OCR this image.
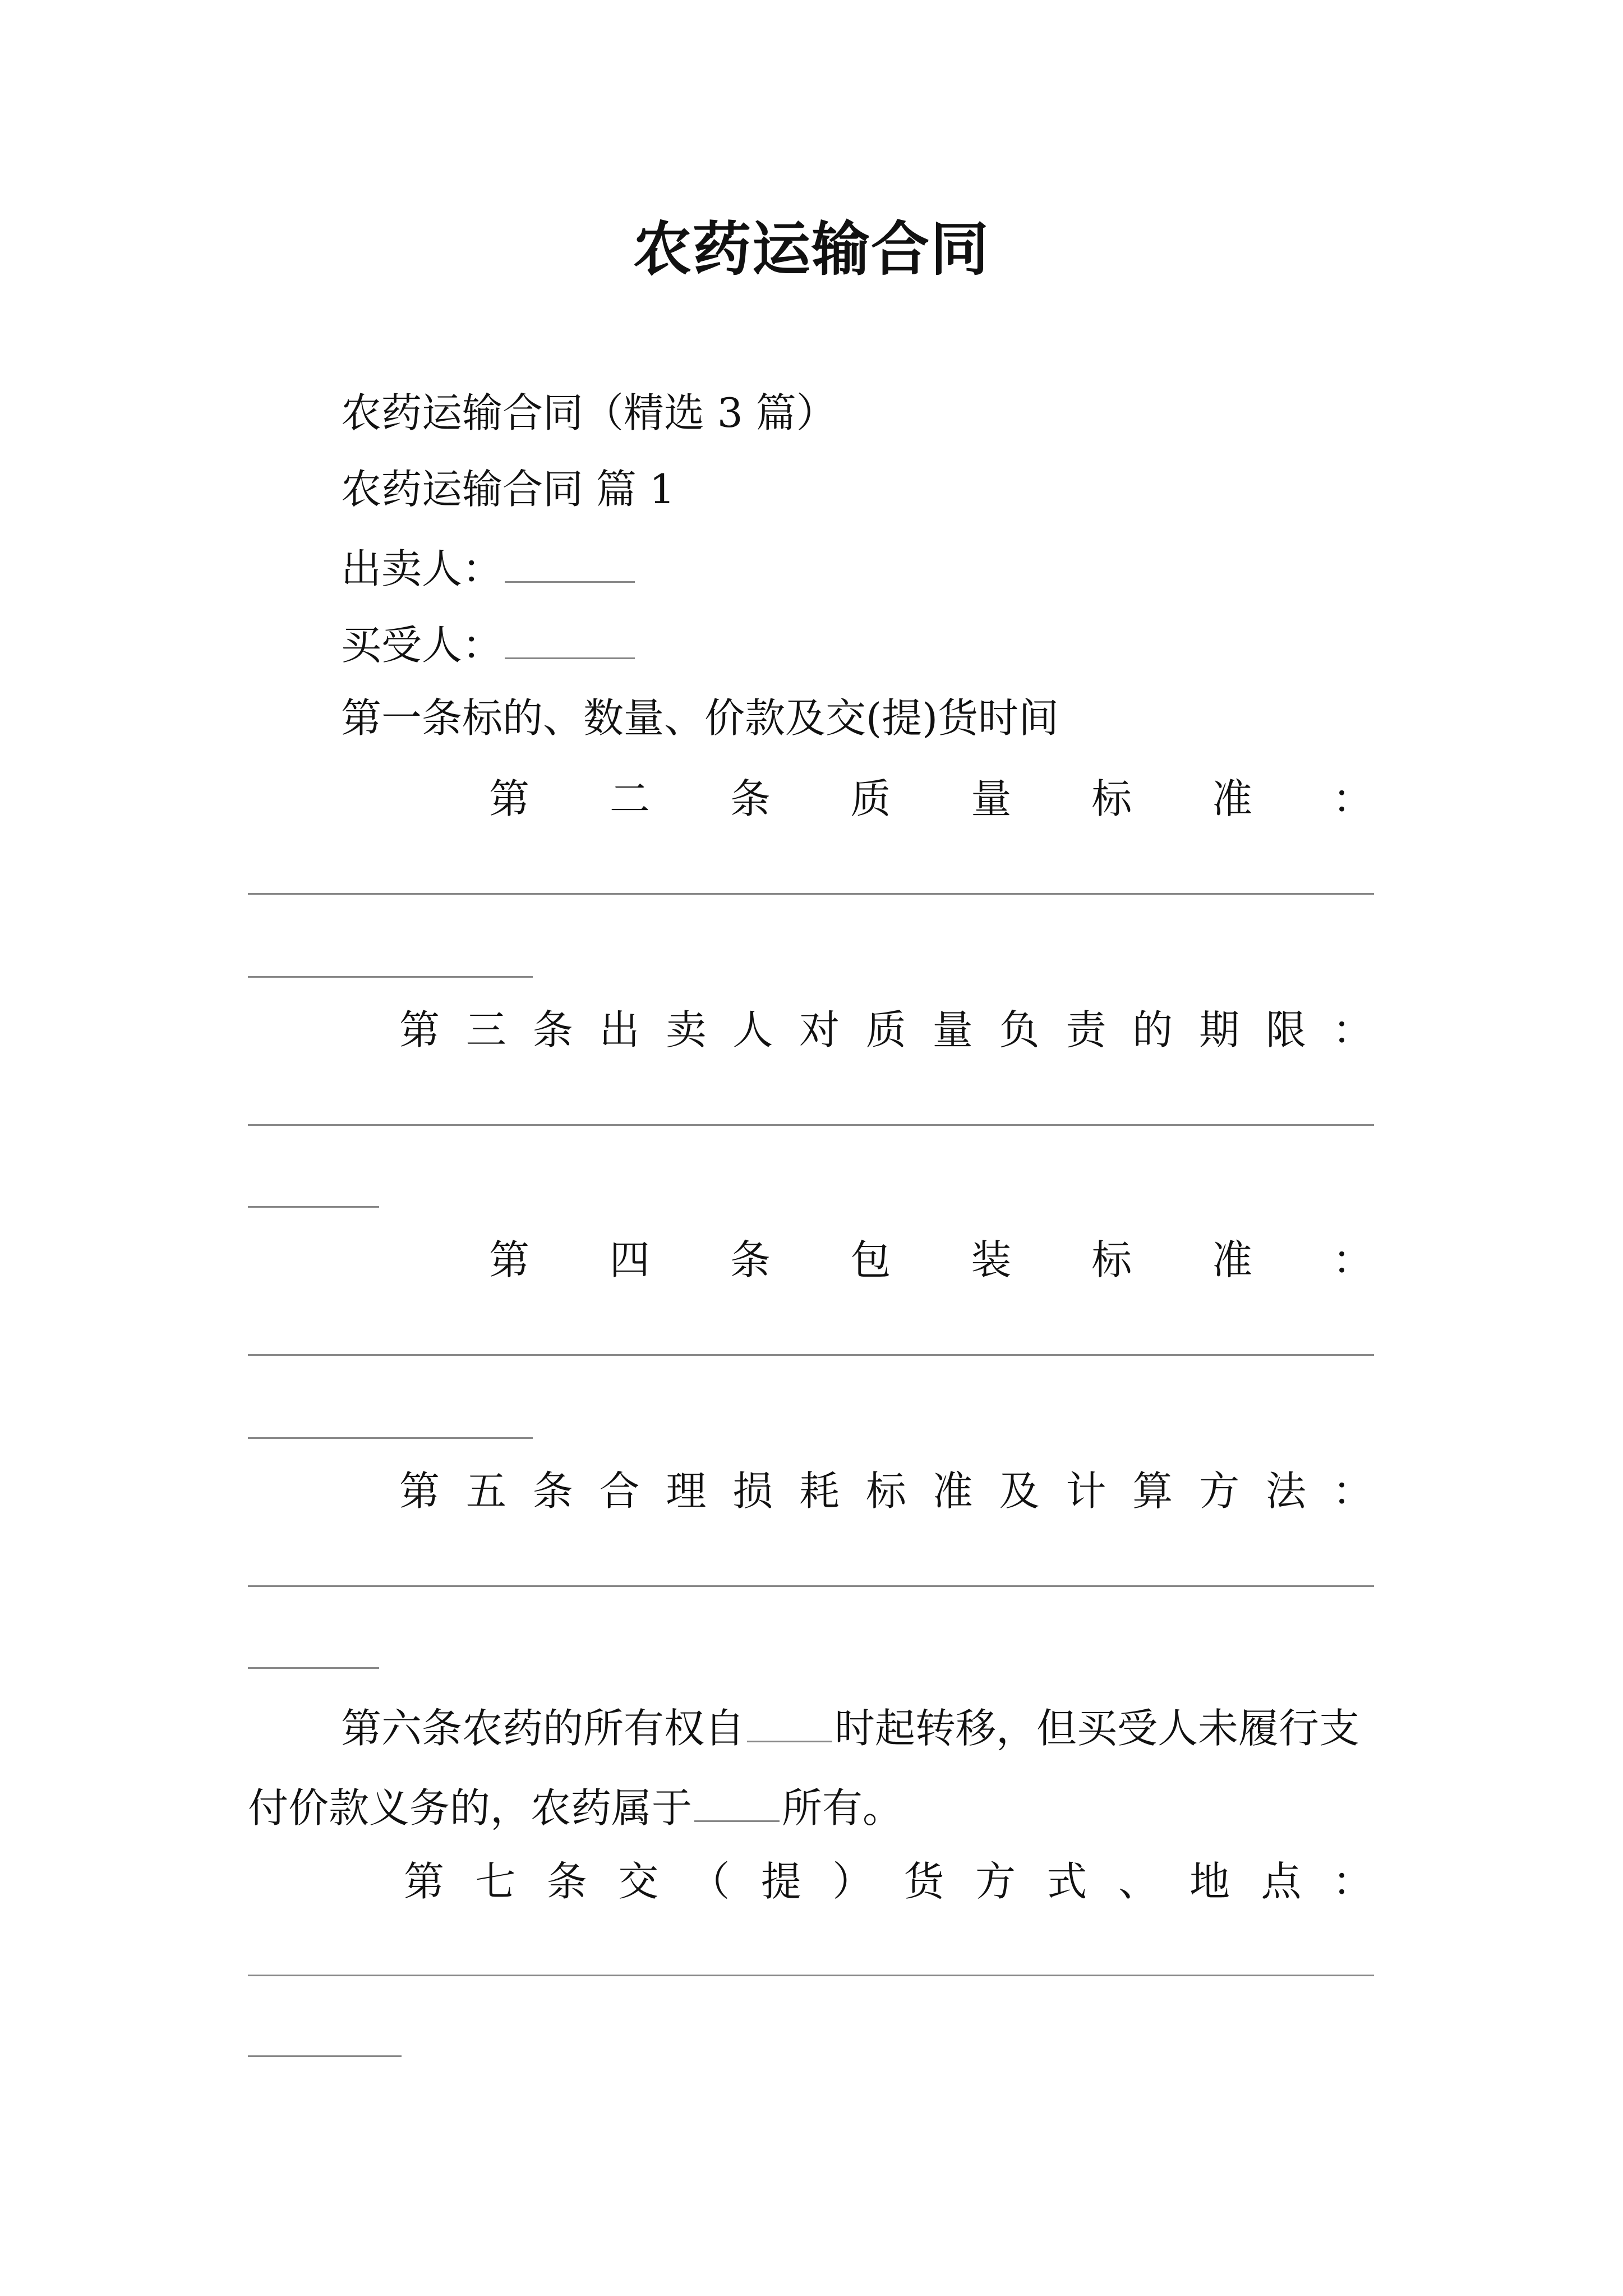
农药运输合同
农药运输合同（精选 3 篇）
农药运输合同 篇 1
出卖人：
买受人：
第一条标的、数量、价款及交(提)货时间
第 二 条 质 量 标 准 ：
第 三 条 出 卖 人 对 质 量 负 责 的 期 限 ：
第 四 条 包 装 标 准 ：
第 五 条 合 理 损 耗 标 准 及 计 算 方 法 ：
第六条农药的所有权自 时起转移，但买受人未履行支付价款义务的，农药属于 所有。
第 七 条 交 （ 提 ） 货 方 式 、 地 点 ：
